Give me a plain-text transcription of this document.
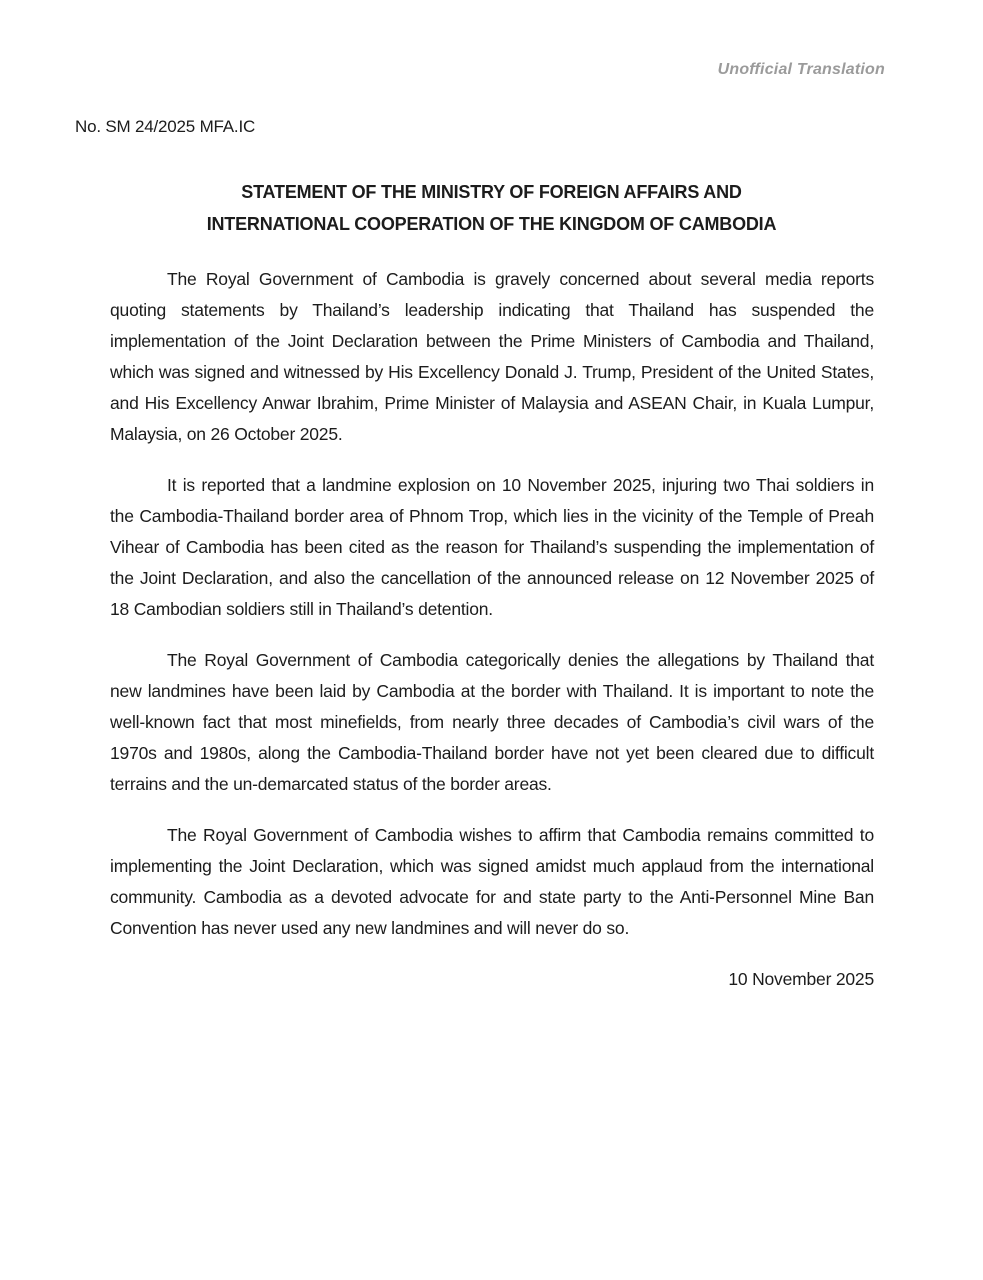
Unofficial Translation
No. SM 24/2025 MFA.IC
STATEMENT OF THE MINISTRY OF FOREIGN AFFAIRS AND
INTERNATIONAL COOPERATION OF THE KINGDOM OF CAMBODIA

The Royal Government of Cambodia is gravely concerned about several media reports quoting statements by Thailand’s leadership indicating that Thailand has suspended the implementation of the Joint Declaration between the Prime Ministers of Cambodia and Thailand, which was signed and witnessed by His Excellency Donald J. Trump, President of the United States, and His Excellency Anwar Ibrahim, Prime Minister of Malaysia and ASEAN Chair, in Kuala Lumpur, Malaysia, on 26 October 2025.

It is reported that a landmine explosion on 10 November 2025, injuring two Thai soldiers in the Cambodia-Thailand border area of Phnom Trop, which lies in the vicinity of the Temple of Preah Vihear of Cambodia has been cited as the reason for Thailand’s suspending the implementation of the Joint Declaration, and also the cancellation of the announced release on 12 November 2025 of 18 Cambodian soldiers still in Thailand’s detention.

The Royal Government of Cambodia categorically denies the allegations by Thailand that new landmines have been laid by Cambodia at the border with Thailand. It is important to note the well-known fact that most minefields, from nearly three decades of Cambodia’s civil wars of the 1970s and 1980s, along the Cambodia-Thailand border have not yet been cleared due to difficult terrains and the un-demarcated status of the border areas.

The Royal Government of Cambodia wishes to affirm that Cambodia remains committed to implementing the Joint Declaration, which was signed amidst much applaud from the international community. Cambodia as a devoted advocate for and state party to the Anti-Personnel Mine Ban Convention has never used any new landmines and will never do so.

10 November 2025
